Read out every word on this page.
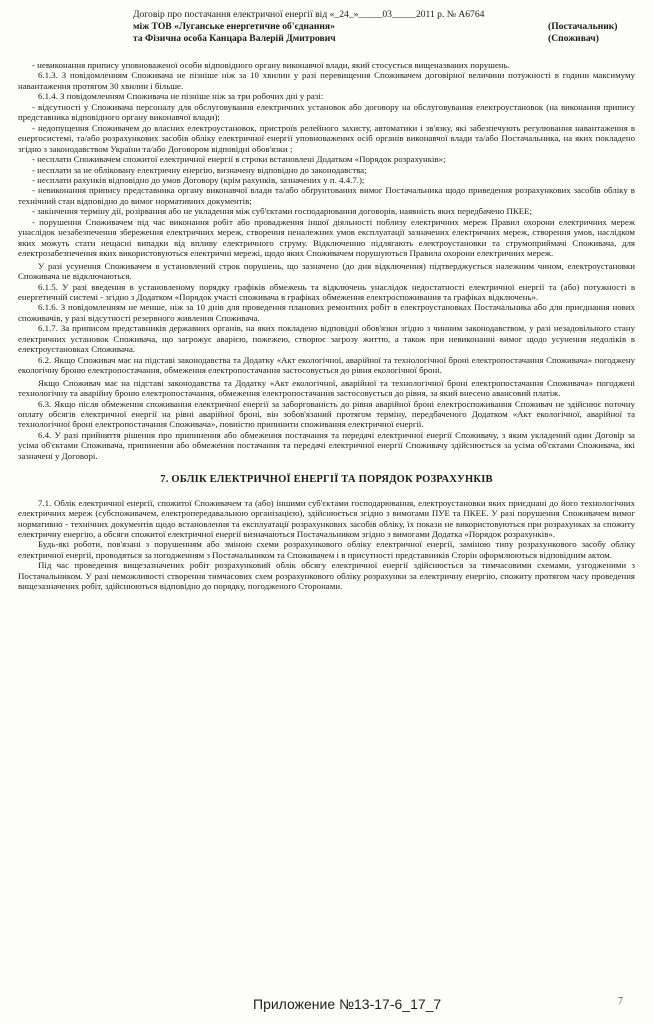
Договір про постачання електричної енергії від «_24_»_____03_____2011 р. № А6764
між ТОВ «Луганське енергетичне об'єднання»	(Постачальник)
та Фізична особа Канцара Валерій Дмитрович	(Споживач)

- невиконання припису уповноваженої особи відповідного органу виконавчої влади, який стосується вищеназваних порушень.

6.1.3. З повідомленням Споживача не пізніше ніж за 10 хвилин у разі перевищення Споживачем договірної величини потужності в години максимуму навантаження протягом 30 хвилин і більше.

6.1.4. З повідомленням Споживача не пізніше ніж за три робочих дні у разі:

- відсутності у Споживача персоналу для обслуговування електричних установок або договору на обслуговування електроустановок (на виконання припису представника відповідного органу виконавчої влади);

- недопущення Споживачем до власних електроустановок, пристроїв релейного захисту, автоматики і зв'язку, які забезпечують регулювання навантаження в енергосистемі, та/або розрахункових засобів обліку електричної енергії уповноважених осіб органів виконавчої влади та/або Постачальника, на яких покладено згідно з законодавством України та/або Договором відповідні обов'язки ;

- несплати Споживачем спожитої електричної енергії в строки встановлені Додатком «Порядок розрахунків»;

- несплати за не обліковану електричну енергію, визначену відповідно до законодавства;

- несплати рахунків відповідно до умов Договору (крім рахунків, зазначених у п. 4.4.7.);

- невиконання припису представника органу виконавчої влади та/або обґрунтованих вимог Постачальника щодо приведення розрахункових засобів обліку в технічний стан відповідно до вимог нормативних документів;

- закінчення терміну дії, розірвання або не укладення між суб'єктами господарювання договорів, наявність яких передбачено ПКЕЕ;

- порушення Споживачем під час виконання робіт або провадження іншої діяльності поблизу електричних мереж Правил охорони електричних мереж унаслідок незабезпечення збереження електричних мереж, створення неналежних умов експлуатації зазначених електричних мереж, створення умов, наслідком яких можуть стати нещасні випадки від впливу електричного струму. Відключенню підлягають електроустановки та струмоприймачі Споживача, для електрозабезпечення яких використовуються електричні мережі, щодо яких Споживачем порушуються Правила охорони електричних мереж.

У разі усунення Споживачем в установлений строк порушень, що зазначено (до дня відключення) підтверджується належним чином, електроустановки Споживача не відключаються.

6.1.5. У разі введення в установленому порядку графіків обмежень та відключень унаслідок недостатності електричної енергії та (або) потужності в енергетичній системі - згідно з Додатком «Порядок участі споживача в графіках обмеження електроспоживання та графіках відключень».

6.1.6. З повідомленням не менше, ніж за 10 днів для проведення планових ремонтних робіт в електроустановках Постачальника або для приєднання нових споживачів, у разі відсутності резервного живлення Споживача.

6.1.7. За приписом представників державних органів, на яких покладено відповідні обов'язки згідно з чинним законодавством, у разі незадовільного стану електричних установок Споживача, що загрожує аварією, пожежею, створює загрозу життю, а також при невиконанні вимог щодо усунення недоліків в електроустановках Споживача.

6.2. Якщо Споживач має на підставі законодавства та Додатку «Акт екологічної, аварійної та технологічної броні електропостачання Споживача» погоджену екологічну броню електропостачання, обмеження електропостачання застосовується до рівня екологічної броні.

Якщо Споживач має на підставі законодавства та Додатку «Акт екологічної, аварійної та технологічної броні електропостачання Споживача» погоджені технологічну та аварійну броню електропостачання, обмеження електропостачання застосовується до рівня, за який внесено авансовий платіж.

6.3. Якщо після обмеження споживання електричної енергії за заборгованість до рівня аварійної броні електроспоживання Споживач не здійснює поточну оплату обсягів електричної енергії на рівні аварійної броні, він зобов'язаний протягом терміну, передбаченого Додатком «Акт екологічної, аварійної та технологічної броні електропостачання Споживача», повністю припинити споживання електричної енергії.

6.4. У разі прийняття рішення про припинення або обмеження постачання та передачі електричної енергії Споживачу, з яким укладений один Договір за усіма об'єктами Споживача, припинення або обмеження постачання та передачі електричної енергії Споживачу здійснюється за усіма об'єктами Споживача, які зазначені у Договорі.

7. ОБЛІК ЕЛЕКТРИЧНОЇ ЕНЕРГІЇ ТА ПОРЯДОК РОЗРАХУНКІВ

7.1. Облік електричної енергії, спожитої Споживачем та (або) іншими суб'єктами господарювання, електроустановки яких приєднані до його технологічних електричних мереж (субспоживачем, електропередавальною організацією), здійснюється згідно з вимогами ПУЕ та ПКЕЕ. У разі порушення Споживачем вимог нормативно - технічних документів щодо встановлення та експлуатації розрахункових засобів обліку, їх покази не використовуються при розрахунках за спожиту електричну енергію, а обсяги спожитої електричної енергії визначаються Постачальником згідно з вимогами Додатка «Порядок розрахунків».

Будь-які роботи, пов'язані з порушенням або зміною схеми розрахункового обліку електричної енергії, заміною типу розрахункового засобу обліку електричної енергії, проводяться за погодженням з Постачальником та Споживачем і в присутності представників Сторін оформлюються відповідним актом.

Під час проведення вищезазначених робіт розрахунковий облік обсягу електричної енергії здійснюється за тимчасовими схемами, узгодженими з Постачальником. У разі неможливості створення тимчасових схем розрахункового обліку розрахунки за електричну енергію, спожиту протягом часу проведення вищезазначених робіт, здійснюються відповідно до порядку, погодженого Сторонами.

Приложение №13-17-6_17_7	7
